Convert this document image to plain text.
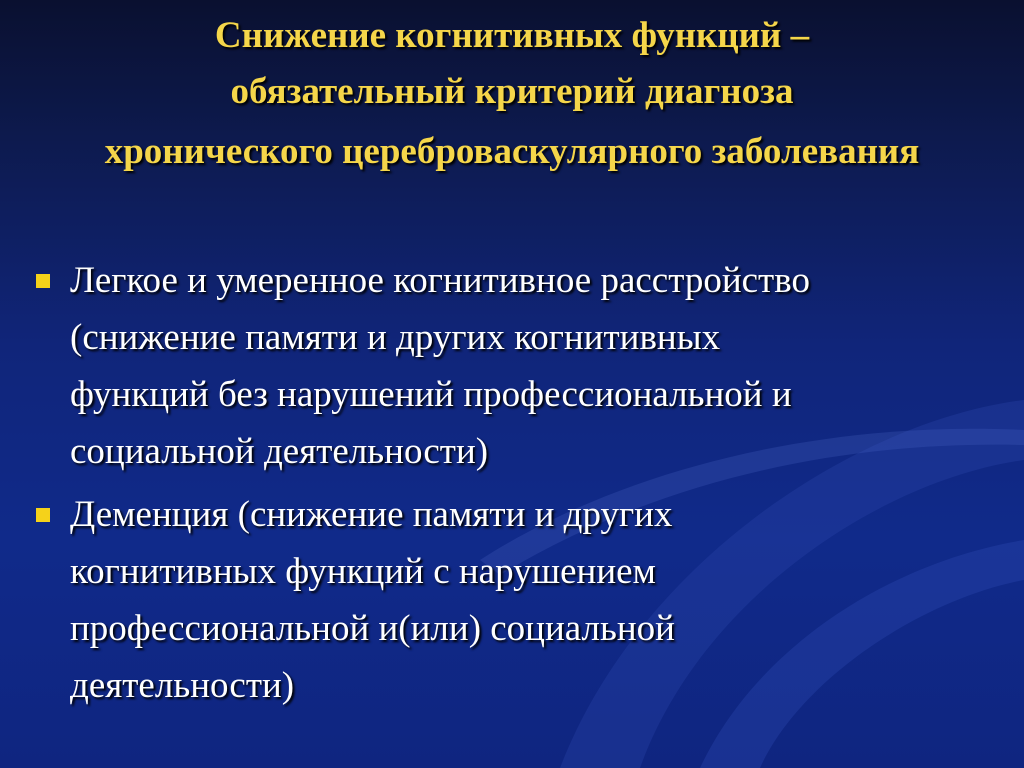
Снижение когнитивных функций –
обязательный критерий диагноза
хронического цереброваскулярного заболевания
Легкое и умеренное когнитивное расстройство
(снижение памяти и других когнитивных
функций без нарушений профессиональной и
социальной деятельности)
Деменция (снижение памяти и других
когнитивных функций с нарушением
профессиональной и(или) социальной
деятельности)
